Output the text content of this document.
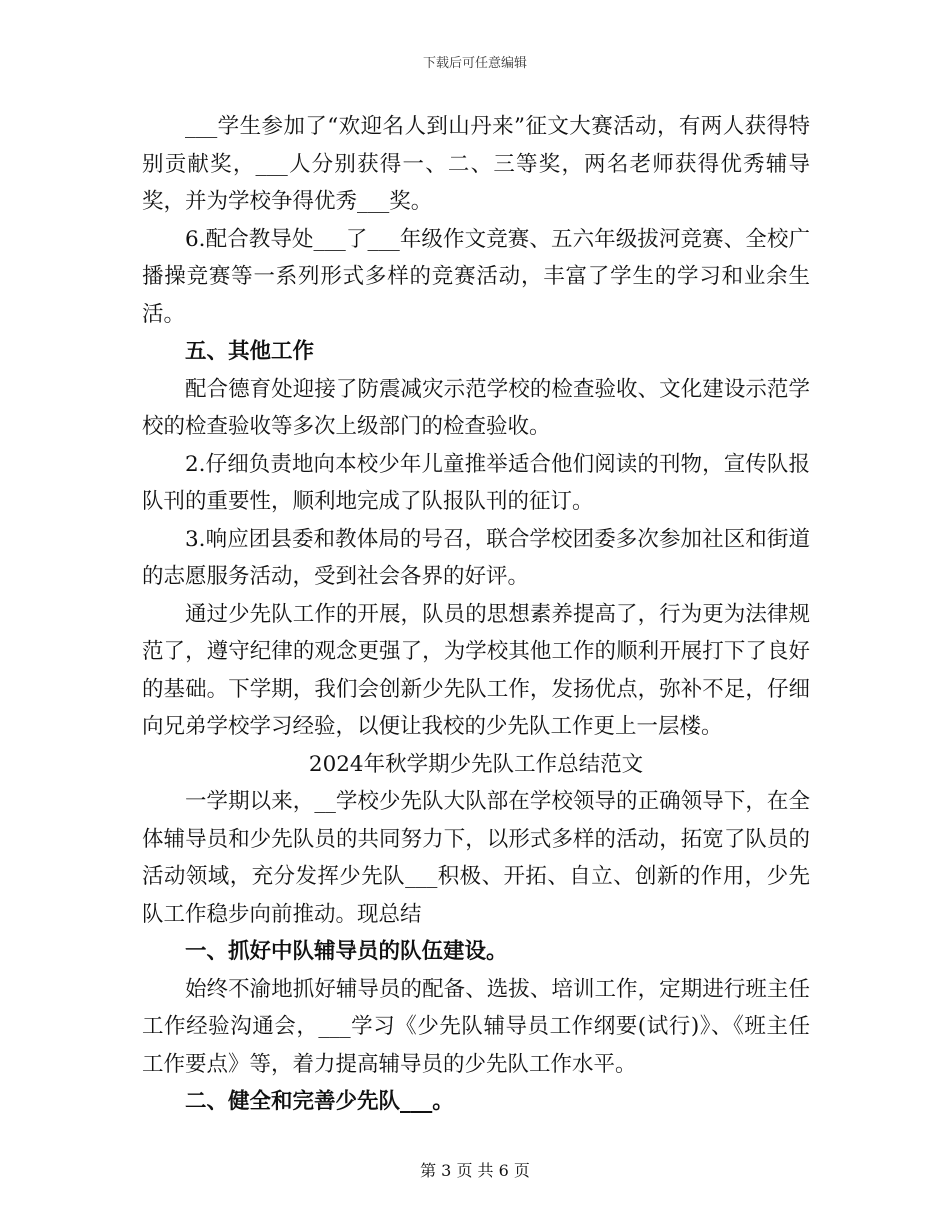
下载后可任意编辑

___学生参加了“欢迎名人到山丹来”征文大赛活动，有两人获得特别贡献奖，___人分别获得一、二、三等奖，两名老师获得优秀辅导奖，并为学校争得优秀___奖。

6.配合教导处___了___年级作文竞赛、五六年级拔河竞赛、全校广播操竞赛等一系列形式多样的竞赛活动，丰富了学生的学习和业余生活。

五、其他工作

配合德育处迎接了防震减灾示范学校的检查验收、文化建设示范学校的检查验收等多次上级部门的检查验收。

2.仔细负责地向本校少年儿童推举适合他们阅读的刊物，宣传队报队刊的重要性，顺利地完成了队报队刊的征订。

3.响应团县委和教体局的号召，联合学校团委多次参加社区和街道的志愿服务活动，受到社会各界的好评。

通过少先队工作的开展，队员的思想素养提高了，行为更为法律规范了，遵守纪律的观念更强了，为学校其他工作的顺利开展打下了良好的基础。下学期，我们会创新少先队工作，发扬优点，弥补不足，仔细向兄弟学校学习经验，以便让我校的少先队工作更上一层楼。

2024年秋学期少先队工作总结范文

一学期以来，__学校少先队大队部在学校领导的正确领导下，在全体辅导员和少先队员的共同努力下，以形式多样的活动，拓宽了队员的活动领域，充分发挥少先队___积极、开拓、自立、创新的作用，少先队工作稳步向前推动。现总结

一、抓好中队辅导员的队伍建设。

始终不渝地抓好辅导员的配备、选拔、培训工作，定期进行班主任工作经验沟通会，___学习《少先队辅导员工作纲要(试行)》、《班主任工作要点》等，着力提高辅导员的少先队工作水平。

二、健全和完善少先队___。

第 3 页 共 6 页
